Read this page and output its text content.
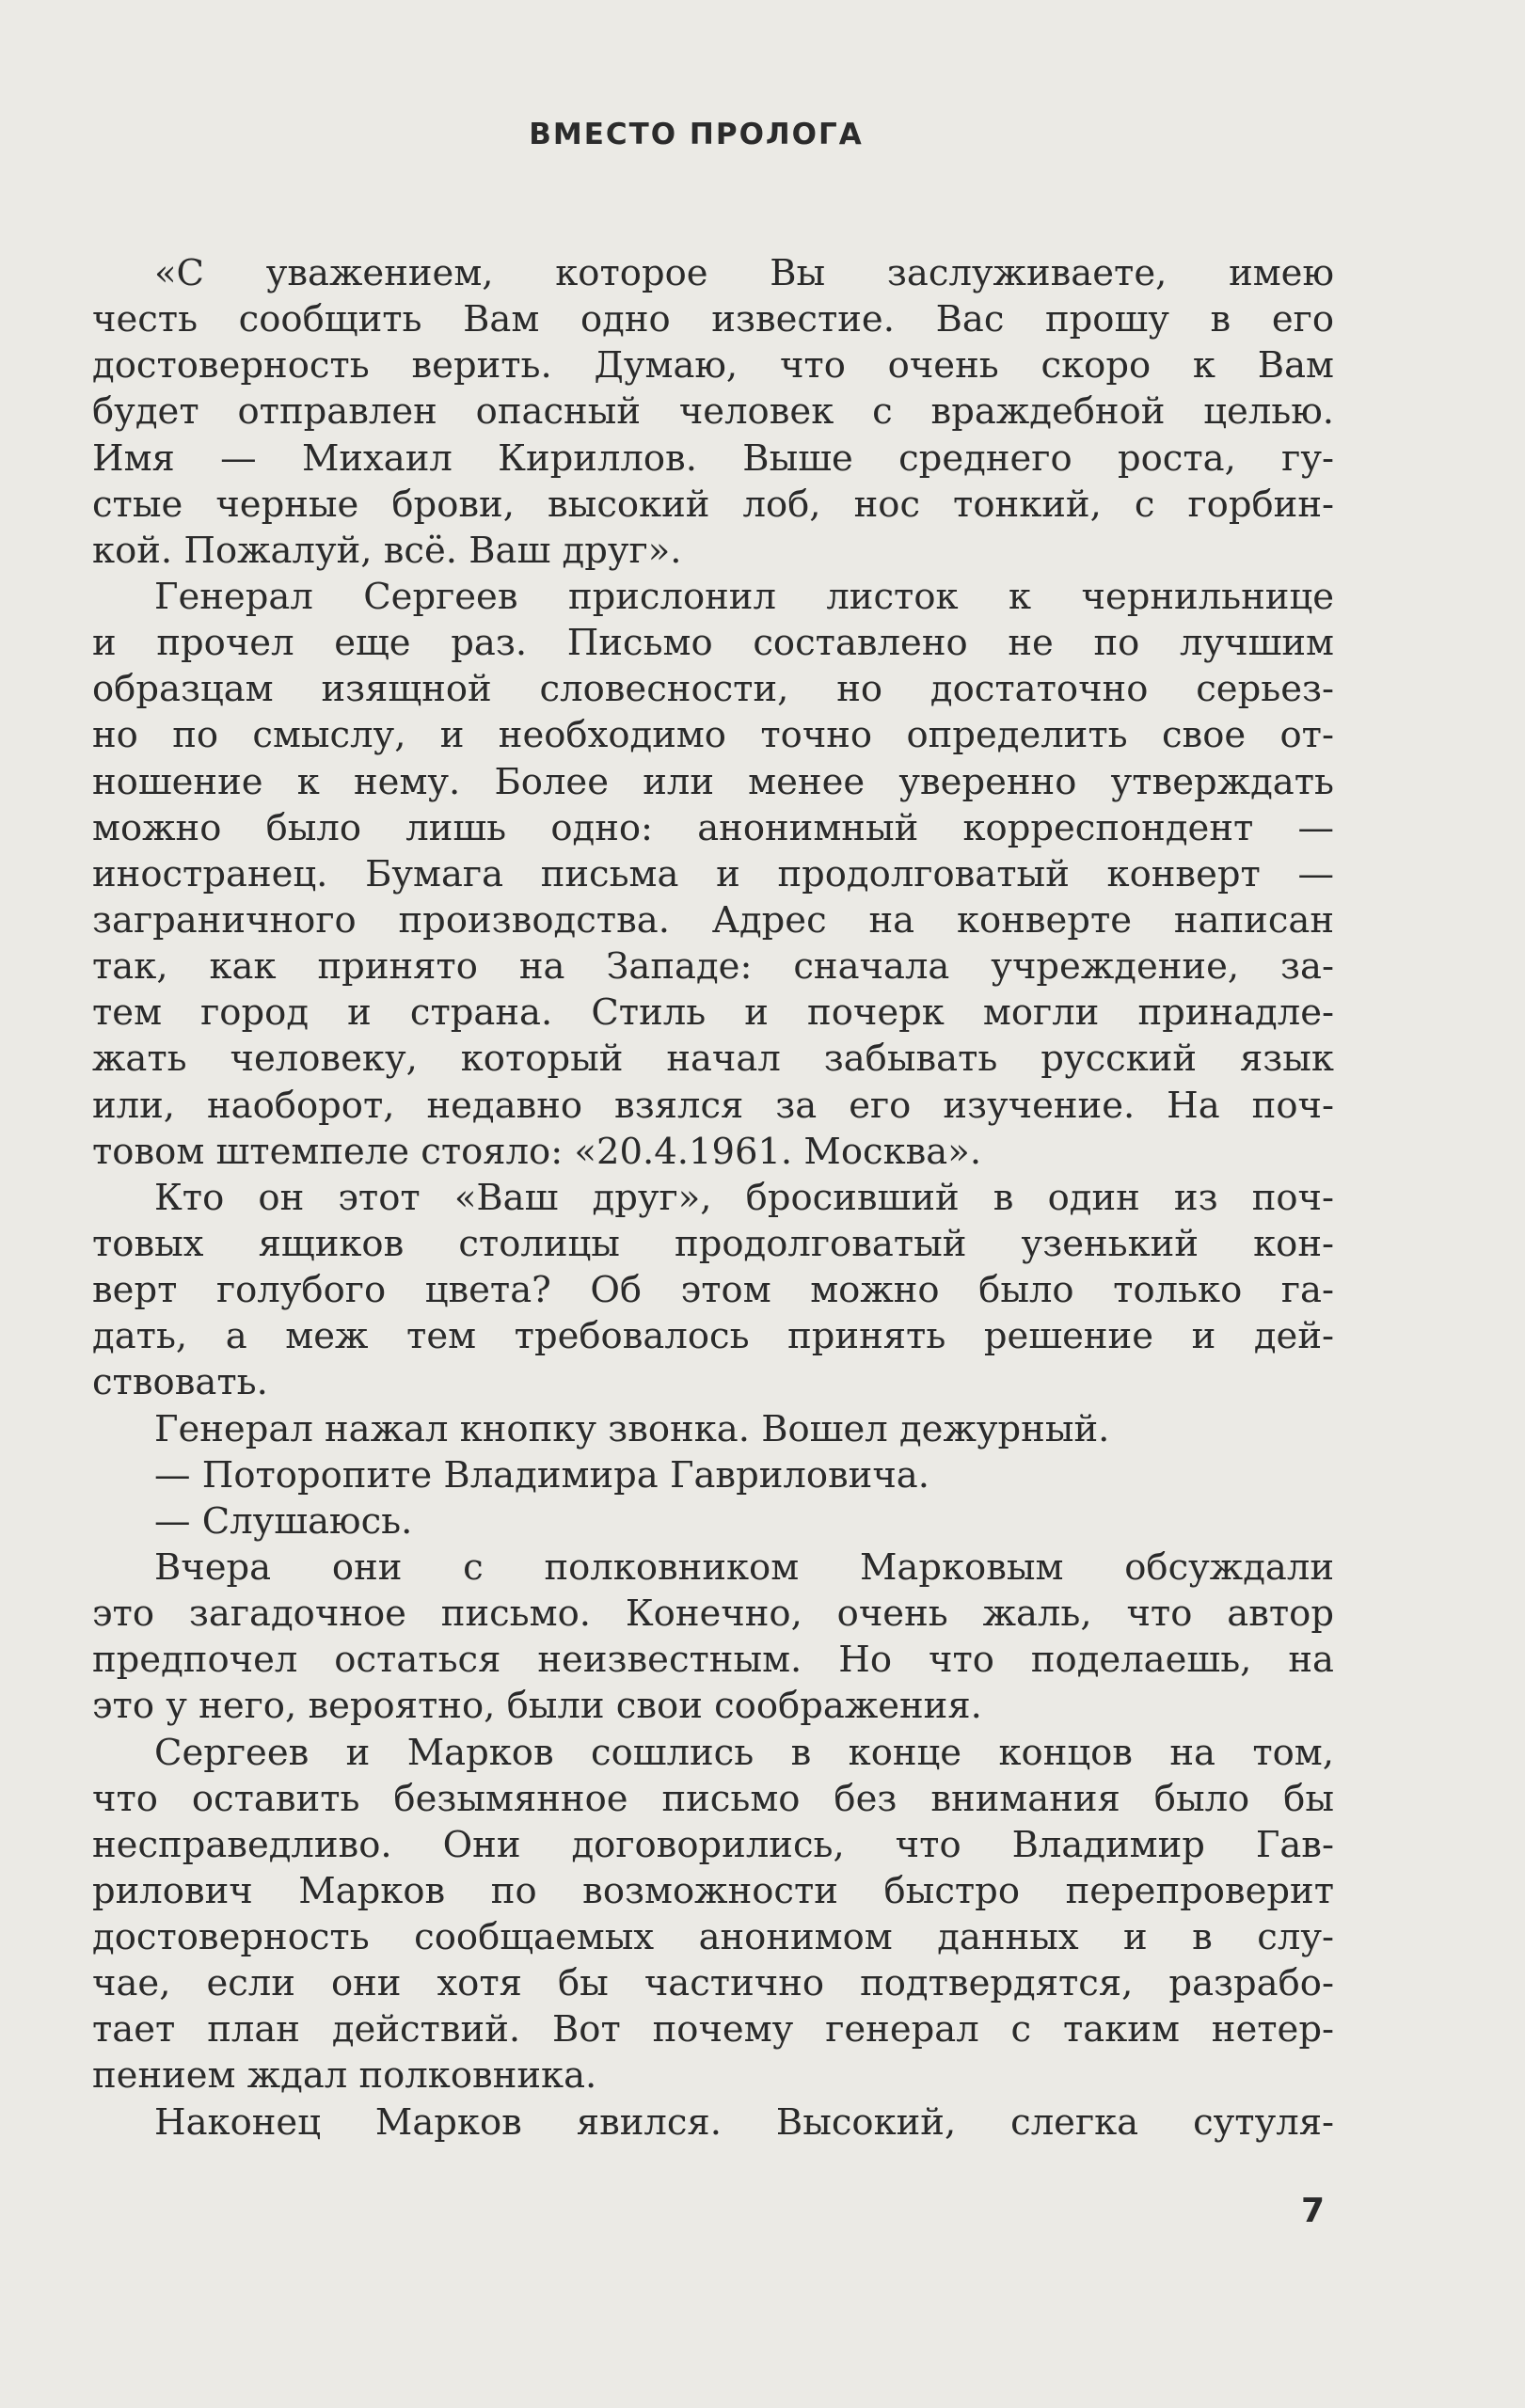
ВМЕСТО ПРОЛОГА
«С уважением, которое Вы заслуживаете, имею
честь сообщить Вам одно известие. Вас прошу в его
достоверность верить. Думаю, что очень скоро к Вам
будет отправлен опасный человек с враждебной целью.
Имя — Михаил Кириллов. Выше среднего роста, гу-
стые черные брови, высокий лоб, нос тонкий, с горбин-
кой. Пожалуй, всё. Ваш друг».
Генерал Сергеев прислонил листок к чернильнице
и прочел еще раз. Письмо составлено не по лучшим
образцам изящной словесности, но достаточно серьез-
но по смыслу, и необходимо точно определить свое от-
ношение к нему. Более или менее уверенно утверждать
можно было лишь одно: анонимный корреспондент —
иностранец. Бумага письма и продолговатый конверт —
заграничного производства. Адрес на конверте написан
так, как принято на Западе: сначала учреждение, за-
тем город и страна. Стиль и почерк могли принадле-
жать человеку, который начал забывать русский язык
или, наоборот, недавно взялся за его изучение. На поч-
товом штемпеле стояло: «20.4.1961. Москва».
Кто он этот «Ваш друг», бросивший в один из поч-
товых ящиков столицы продолговатый узенький кон-
верт голубого цвета? Об этом можно было только га-
дать, а меж тем требовалось принять решение и дей-
ствовать.
Генерал нажал кнопку звонка. Вошел дежурный.
— Поторопите Владимира Гавриловича.
— Слушаюсь.
Вчера они с полковником Марковым обсуждали
это загадочное письмо. Конечно, очень жаль, что автор
предпочел остаться неизвестным. Но что поделаешь, на
это у него, вероятно, были свои соображения.
Сергеев и Марков сошлись в конце концов на том,
что оставить безымянное письмо без внимания было бы
несправедливо. Они договорились, что Владимир Гав-
рилович Марков по возможности быстро перепроверит
достоверность сообщаемых анонимом данных и в слу-
чае, если они хотя бы частично подтвердятся, разрабо-
тает план действий. Вот почему генерал с таким нетер-
пением ждал полковника.
Наконец Марков явился. Высокий, слегка сутуля-
7
